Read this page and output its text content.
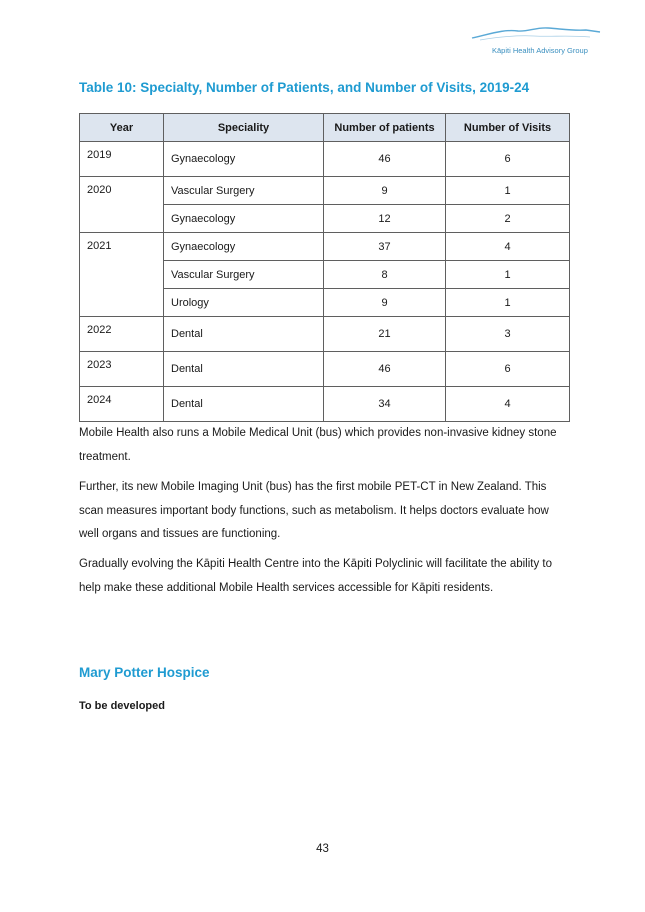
Kāpiti Health Advisory Group
Table 10: Specialty, Number of Patients, and Number of Visits, 2019-24
Year	Speciality	Number of patients	Number of Visits
2019	Gynaecology	46	6
2020	Vascular Surgery	9	1
	Gynaecology	12	2
2021	Gynaecology	37	4
	Vascular Surgery	8	1
	Urology	9	1
2022	Dental	21	3
2023	Dental	46	6
2024	Dental	34	4

Mobile Health also runs a Mobile Medical Unit (bus) which provides non-invasive kidney stone treatment.

Further, its new Mobile Imaging Unit (bus) has the first mobile PET-CT in New Zealand. This scan measures important body functions, such as metabolism. It helps doctors evaluate how well organs and tissues are functioning.

Gradually evolving the Kāpiti Health Centre into the Kāpiti Polyclinic will facilitate the ability to help make these additional Mobile Health services accessible for Kāpiti residents.

Mary Potter Hospice
To be developed
43
